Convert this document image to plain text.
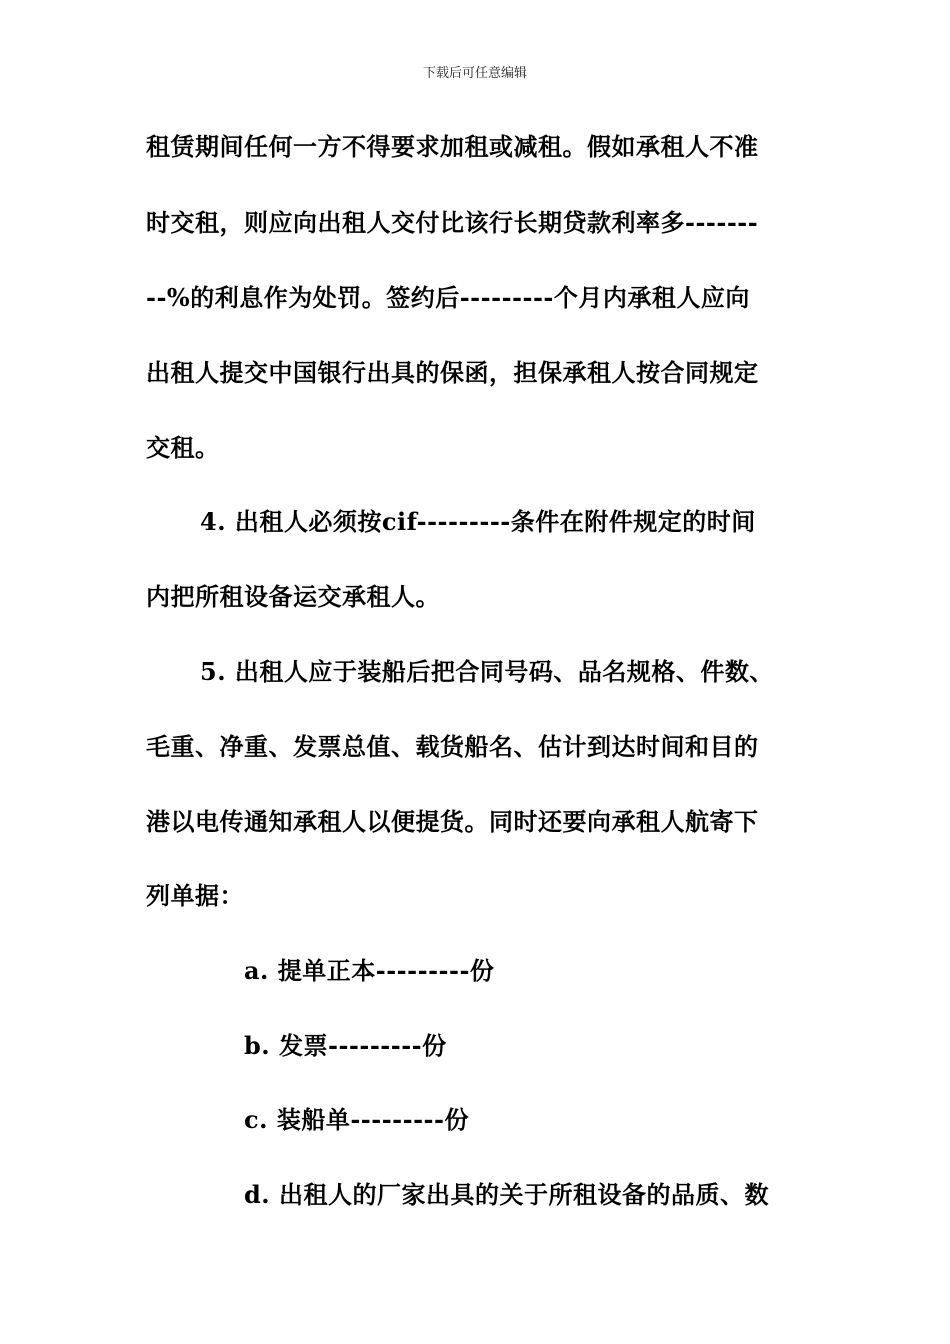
下载后可任意编辑
租赁期间任何一方不得要求加租或减租。假如承租人不准
时交租，则应向出租人交付比该行长期贷款利率多-------
--%的利息作为处罚。签约后---------个月内承租人应向
出租人提交中国银行出具的保函，担保承租人按合同规定
交租。
4. 出租人必须按cif---------条件在附件规定的时间
内把所租设备运交承租人。
5. 出租人应于装船后把合同号码、品名规格、件数、
毛重、净重、发票总值、载货船名、估计到达时间和目的
港以电传通知承租人以便提货。同时还要向承租人航寄下
列单据：
a. 提单正本---------份
b. 发票---------份
c. 装船单---------份
d. 出租人的厂家出具的关于所租设备的品质、数
